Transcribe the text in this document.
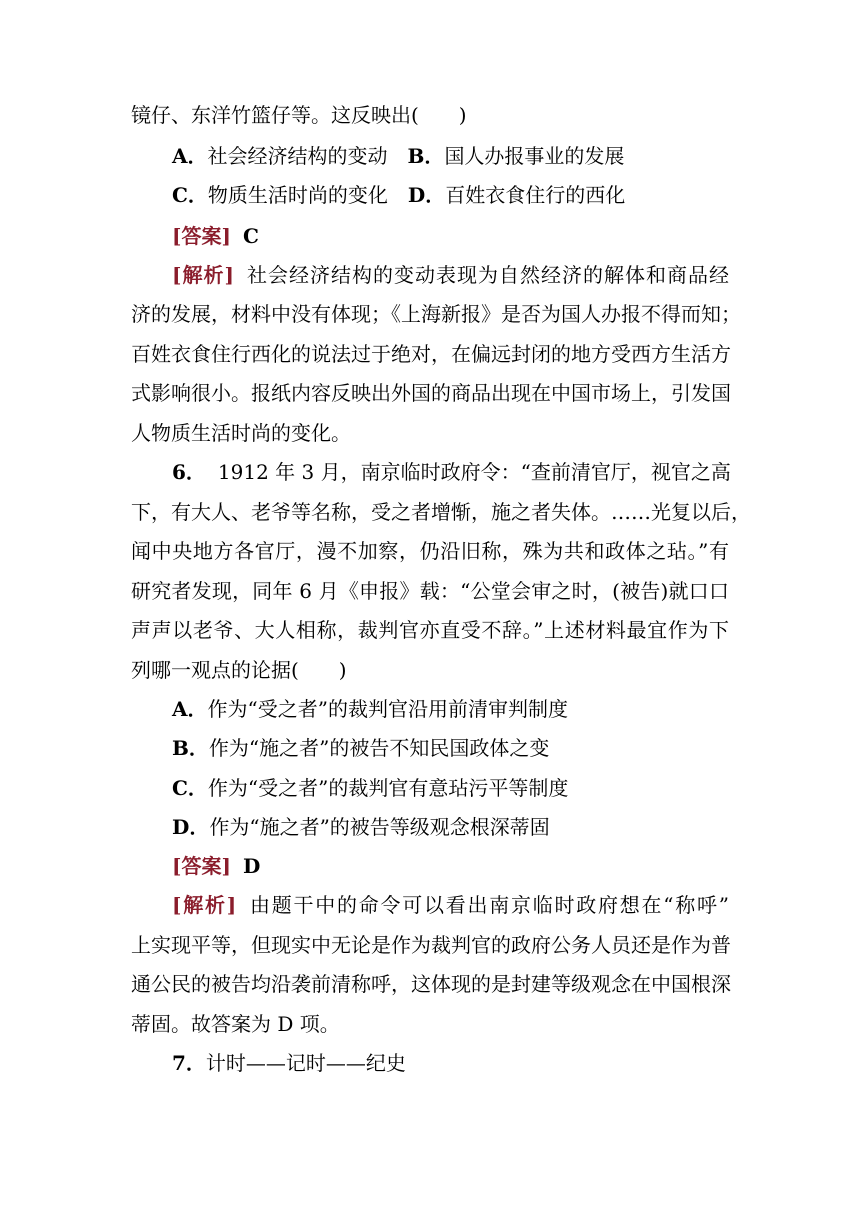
镜仔、东洋竹篮仔等。这反映出(　　)
A．社会经济结构的变动 B．国人办报事业的发展
C．物质生活时尚的变化 D．百姓衣食住行的西化
[答案] C
[解析] 社会经济结构的变动表现为自然经济的解体和商品经
济的发展，材料中没有体现；《上海新报》是否为国人办报不得而知；
百姓衣食住行西化的说法过于绝对，在偏远封闭的地方受西方生活方
式影响很小。报纸内容反映出外国的商品出现在中国市场上，引发国
人物质生活时尚的变化。
6． 1912 年 3 月，南京临时政府令：“查前清官厅，视官之高
下，有大人、老爷等名称，受之者增惭，施之者失体。……光复以后，
闻中央地方各官厅，漫不加察，仍沿旧称，殊为共和政体之玷。”有
研究者发现，同年 6 月《申报》载：“公堂会审之时，(被告)就口口
声声以老爷、大人相称，裁判官亦直受不辞。”上述材料最宜作为下
列哪一观点的论据(　　)
A．作为“受之者”的裁判官沿用前清审判制度
B．作为“施之者”的被告不知民国政体之变
C．作为“受之者”的裁判官有意玷污平等制度
D．作为“施之者”的被告等级观念根深蒂固
[答案] D
[解析] 由题干中的命令可以看出南京临时政府想在“称呼”
上实现平等，但现实中无论是作为裁判官的政府公务人员还是作为普
通公民的被告均沿袭前清称呼，这体现的是封建等级观念在中国根深
蒂固。故答案为 D 项。
7．计时——记时——纪史
